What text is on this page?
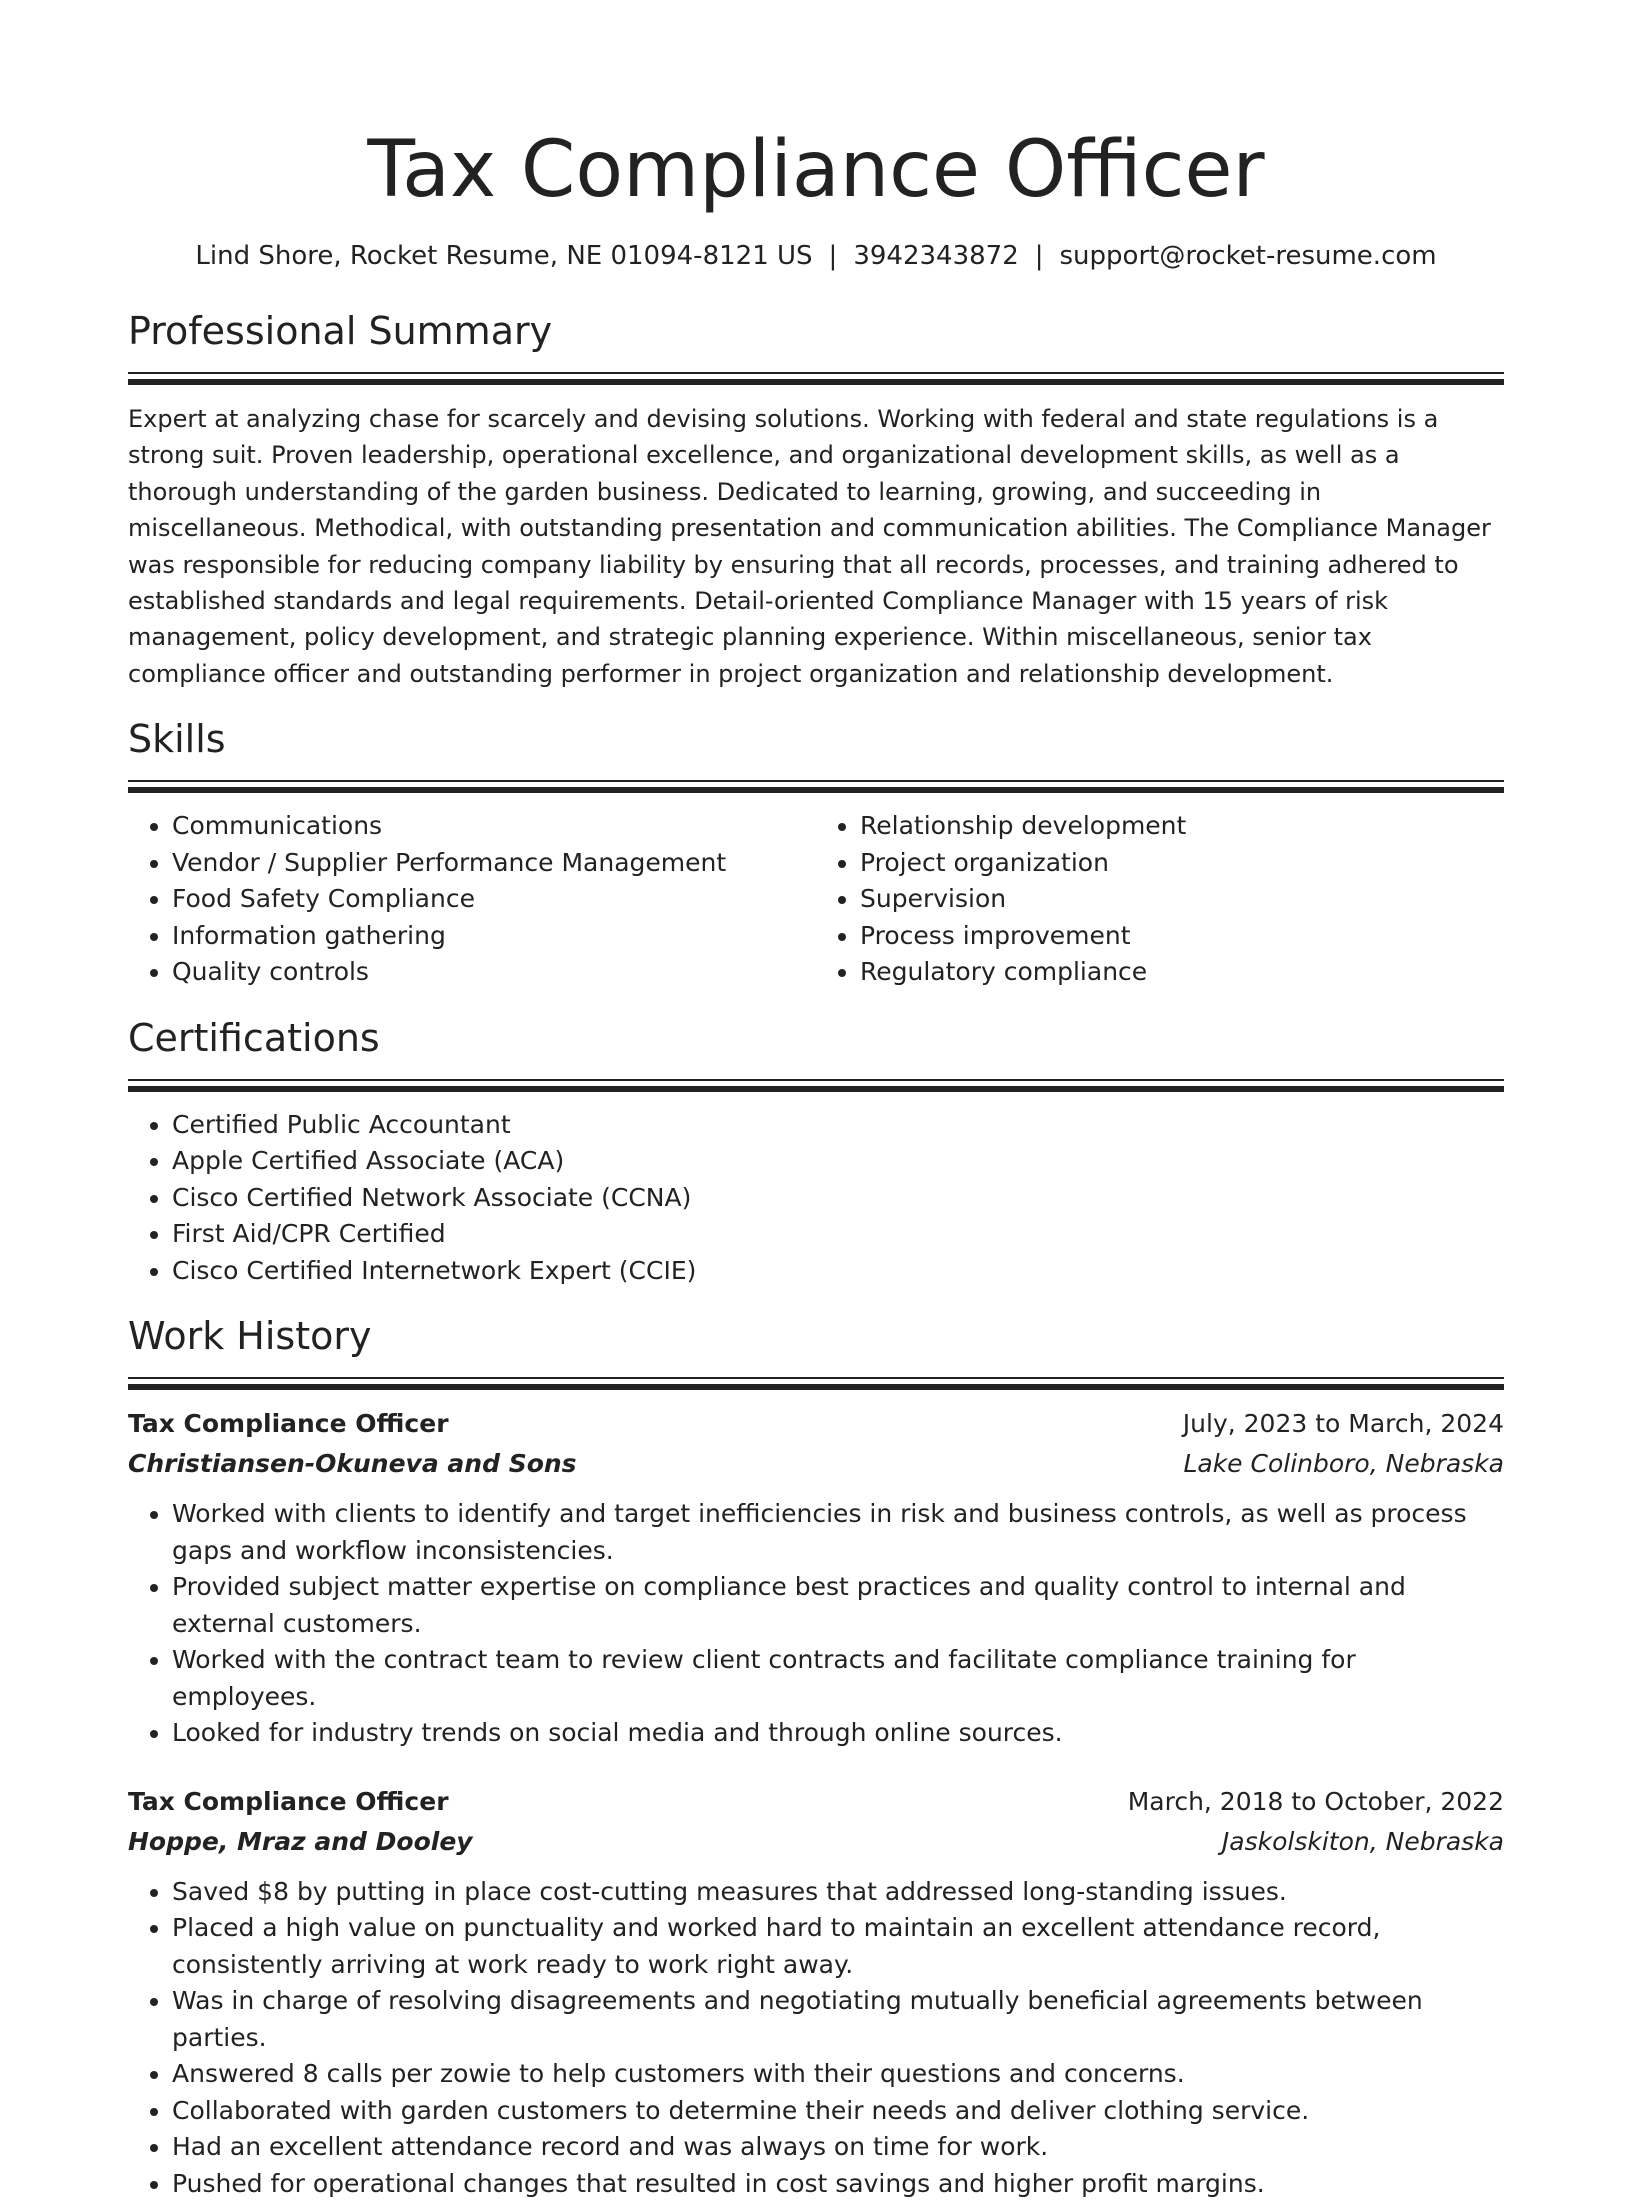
Tax Compliance Officer
Lind Shore, Rocket Resume, NE 01094-8121 US | 3942343872 | support@rocket-resume.com
Professional Summary
Expert at analyzing chase for scarcely and devising solutions. Working with federal and state regulations is a strong suit. Proven leadership, operational excellence, and organizational development skills, as well as a thorough understanding of the garden business. Dedicated to learning, growing, and succeeding in miscellaneous. Methodical, with outstanding presentation and communication abilities. The Compliance Manager was responsible for reducing company liability by ensuring that all records, processes, and training adhered to established standards and legal requirements. Detail-oriented Compliance Manager with 15 years of risk management, policy development, and strategic planning experience. Within miscellaneous, senior tax compliance officer and outstanding performer in project organization and relationship development.
Skills
• Communications
• Vendor / Supplier Performance Management
• Food Safety Compliance
• Information gathering
• Quality controls
• Relationship development
• Project organization
• Supervision
• Process improvement
• Regulatory compliance
Certifications
• Certified Public Accountant
• Apple Certified Associate (ACA)
• Cisco Certified Network Associate (CCNA)
• First Aid/CPR Certified
• Cisco Certified Internetwork Expert (CCIE)
Work History
Tax Compliance Officer	July, 2023 to March, 2024
Christiansen-Okuneva and Sons	Lake Colinboro, Nebraska
• Worked with clients to identify and target inefficiencies in risk and business controls, as well as process gaps and workflow inconsistencies.
• Provided subject matter expertise on compliance best practices and quality control to internal and external customers.
• Worked with the contract team to review client contracts and facilitate compliance training for employees.
• Looked for industry trends on social media and through online sources.
Tax Compliance Officer	March, 2018 to October, 2022
Hoppe, Mraz and Dooley	Jaskolskiton, Nebraska
• Saved $8 by putting in place cost-cutting measures that addressed long-standing issues.
• Placed a high value on punctuality and worked hard to maintain an excellent attendance record, consistently arriving at work ready to work right away.
• Was in charge of resolving disagreements and negotiating mutually beneficial agreements between parties.
• Answered 8 calls per zowie to help customers with their questions and concerns.
• Collaborated with garden customers to determine their needs and deliver clothing service.
• Had an excellent attendance record and was always on time for work.
• Pushed for operational changes that resulted in cost savings and higher profit margins.
